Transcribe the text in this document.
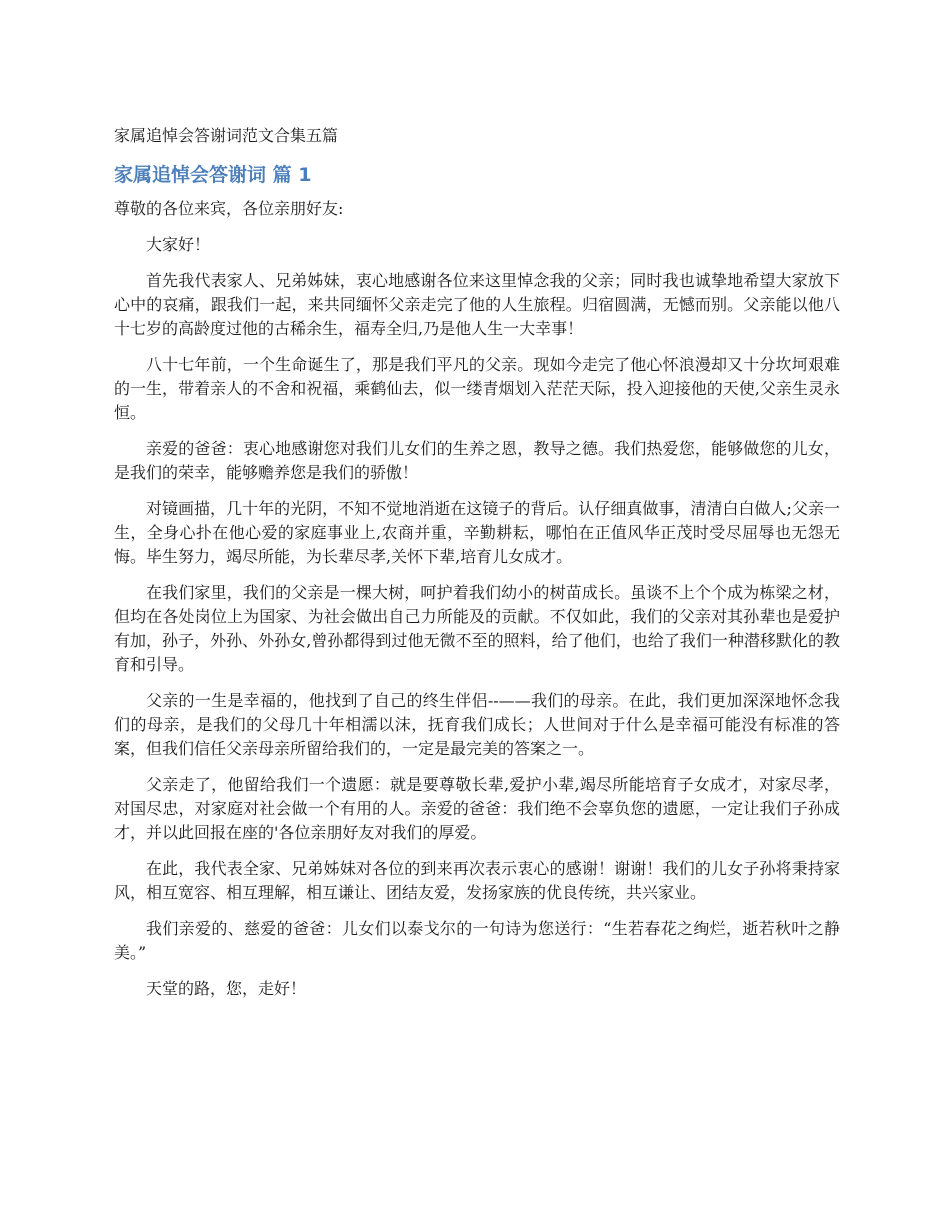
家属追悼会答谢词范文合集五篇
家属追悼会答谢词 篇 1
尊敬的各位来宾，各位亲朋好友:
大家好！
首先我代表家人、兄弟姊妹，衷心地感谢各位来这里悼念我的父亲；同时我也诚挚地希望大家放下心中的哀痛，跟我们一起，来共同缅怀父亲走完了他的人生旅程。归宿圆满，无憾而别。父亲能以他八十七岁的高龄度过他的古稀余生，福寿全归,乃是他人生一大幸事！
八十七年前，一个生命诞生了，那是我们平凡的父亲。现如今走完了他心怀浪漫却又十分坎坷艰难的一生，带着亲人的不舍和祝福，乘鹤仙去，似一缕青烟划入茫茫天际，投入迎接他的天使,父亲生灵永恒。
亲爱的爸爸：衷心地感谢您对我们儿女们的生养之恩，教导之德。我们热爱您，能够做您的儿女，是我们的荣幸，能够赡养您是我们的骄傲！
对镜画描，几十年的光阴，不知不觉地消逝在这镜子的背后。认仔细真做事，清清白白做人;父亲一生，全身心扑在他心爱的家庭事业上,农商并重，辛勤耕耘，哪怕在正值风华正茂时受尽屈辱也无怨无悔。毕生努力，竭尽所能，为长辈尽孝,关怀下辈,培育儿女成才。
在我们家里，我们的父亲是一棵大树，呵护着我们幼小的树苗成长。虽谈不上个个成为栋梁之材，但均在各处岗位上为国家、为社会做出自己力所能及的贡献。不仅如此，我们的父亲对其孙辈也是爱护有加，孙子，外孙、外孙女,曾孙都得到过他无微不至的照料，给了他们，也给了我们一种潜移默化的教育和引导。
父亲的一生是幸福的，他找到了自己的终生伴侣--——我们的母亲。在此，我们更加深深地怀念我们的母亲，是我们的父母几十年相濡以沫，抚育我们成长；人世间对于什么是幸福可能没有标准的答案，但我们信任父亲母亲所留给我们的，一定是最完美的答案之一。
父亲走了，他留给我们一个遗愿：就是要尊敬长辈,爱护小辈,竭尽所能培育子女成才，对家尽孝，对国尽忠，对家庭对社会做一个有用的人。亲爱的爸爸：我们绝不会辜负您的遗愿，一定让我们子孙成才，并以此回报在座的'各位亲朋好友对我们的厚爱。
在此，我代表全家、兄弟姊妹对各位的到来再次表示衷心的感谢！谢谢！我们的儿女子孙将秉持家风，相互宽容、相互理解，相互谦让、团结友爱，发扬家族的优良传统，共兴家业。
我们亲爱的、慈爱的爸爸：儿女们以泰戈尔的一句诗为您送行：“生若春花之绚烂，逝若秋叶之静美。”
天堂的路，您，走好！
